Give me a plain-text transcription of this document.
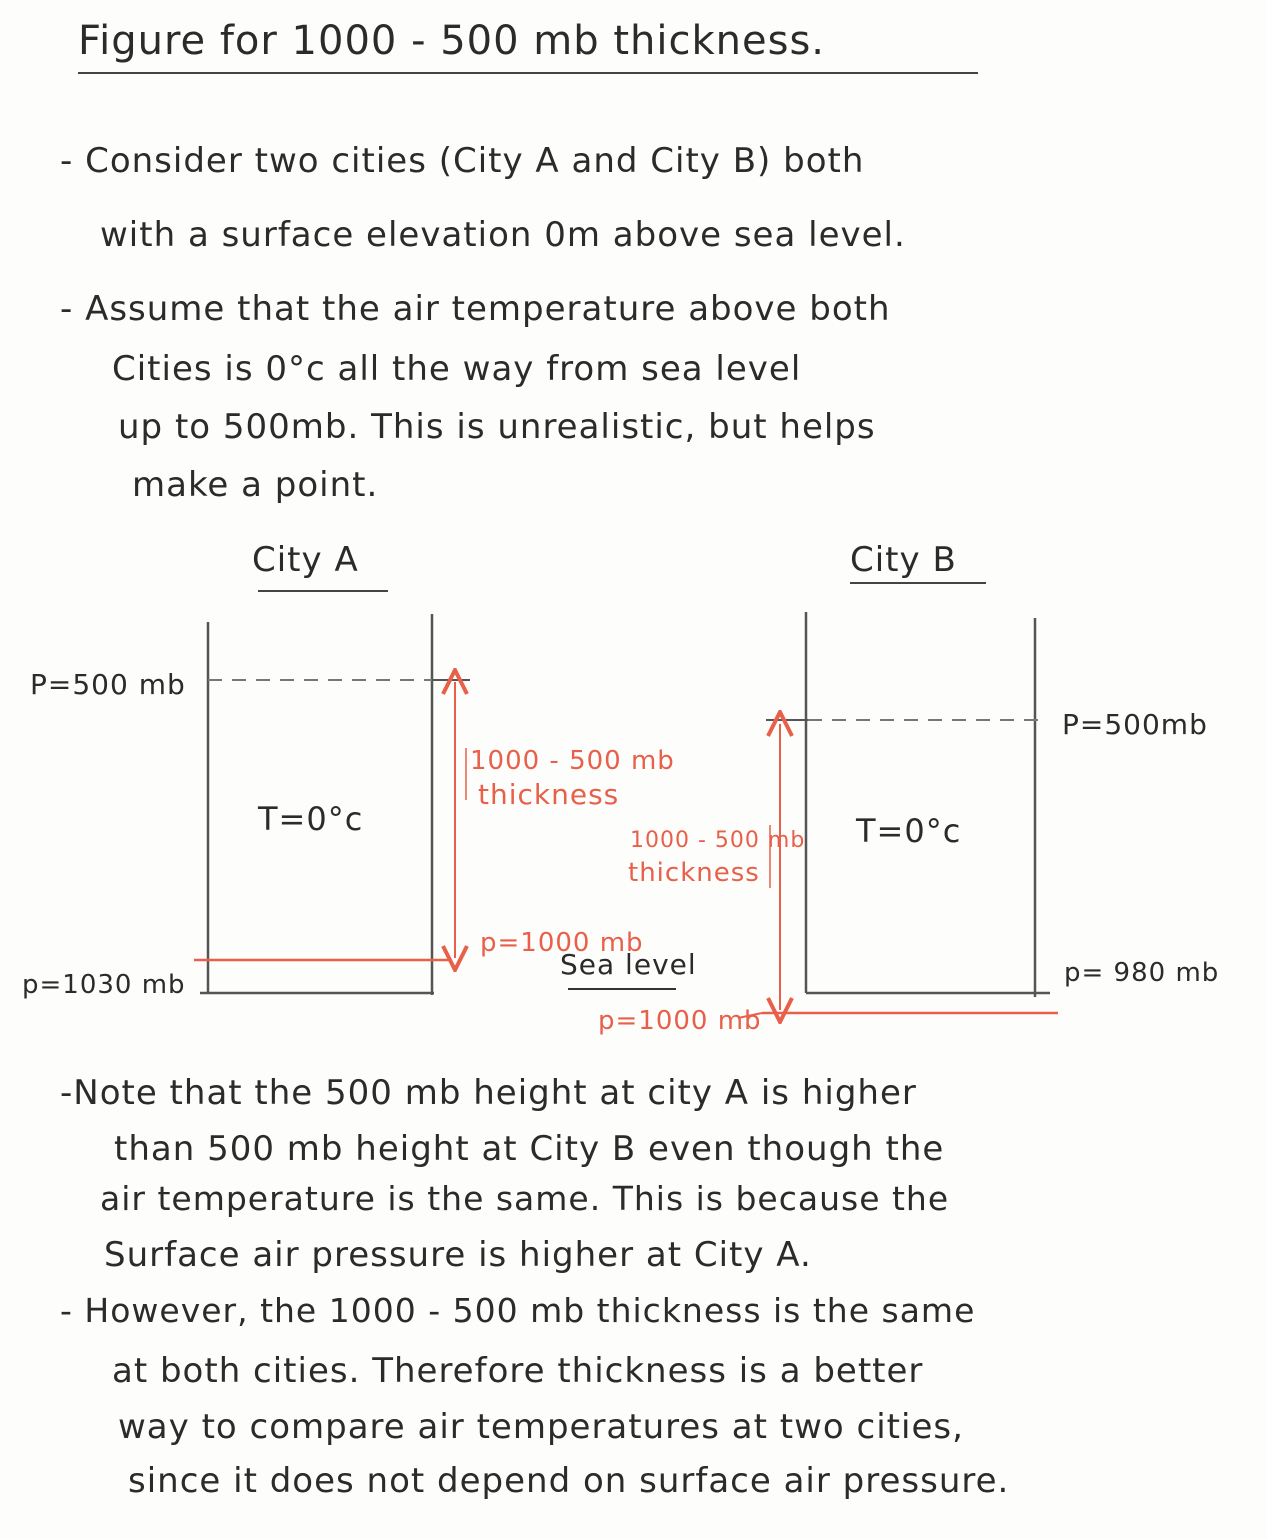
Figure for 1000 - 500 mb thickness.
- Consider two cities (City A and City B) both
with a surface elevation 0m above sea level.
- Assume that the air temperature above both
Cities is 0°c all the way from sea level
up to 500mb. This is unrealistic, but helps
make a point.
City A	City B
P=500 mb
T=0°c
p=1030 mb
1000 - 500 mb
thickness
p=1000 mb
Sea level
1000 - 500 mb
thickness
T=0°c
P=500mb
p= 980 mb
p=1000 mb
-Note that the 500 mb height at city A is higher
than 500 mb height at City B even though the
air temperature is the same. This is because the
Surface air pressure is higher at City A.
- However, the 1000 - 500 mb thickness is the same
at both cities. Therefore thickness is a better
way to compare air temperatures at two cities,
since it does not depend on surface air pressure.
